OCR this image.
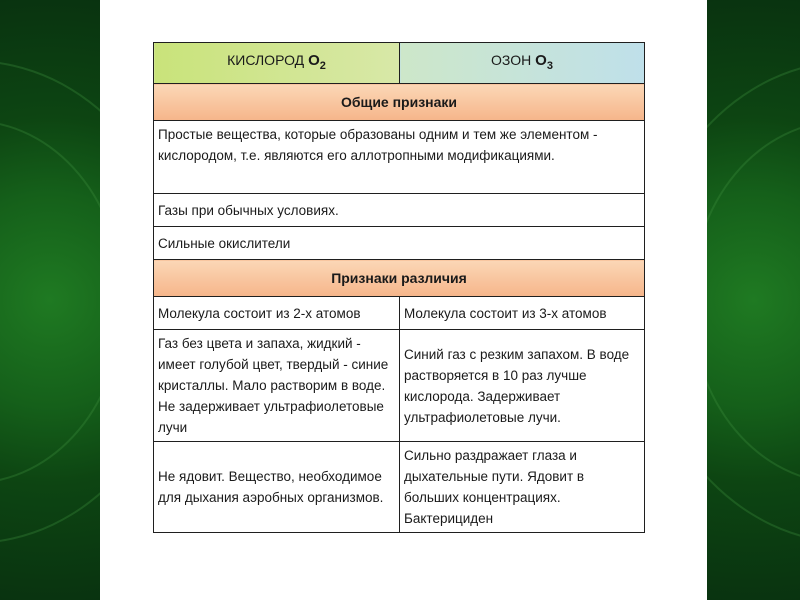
КИСЛОРОД $O_2$	ОЗОН $O_3$
Общие признаки	
Простые вещества, которые образованы одним и тем же элементом - кислородом, т.е. являются его аллотропными модификациями.	
Газы при обычных условиях.	
Сильные окислители	
Признаки различия	
Молекула состоит из 2-х атомов	Молекула состоит из 3-х атомов
Газ без цвета и запаха, жидкий - имеет голубой цвет, твердый - синие кристаллы. Мало растворим в воде. Не задерживает ультрафиолетовые лучи	Синий газ с резким запахом. В воде растворяется в 10 раз лучше кислорода. Задерживает ультрафиолетовые лучи.
Не ядовит. Вещество, необходимое для дыхания аэробных организмов.	Сильно раздражает глаза и дыхательные пути. Ядовит в больших концентрациях. Бактерициден
